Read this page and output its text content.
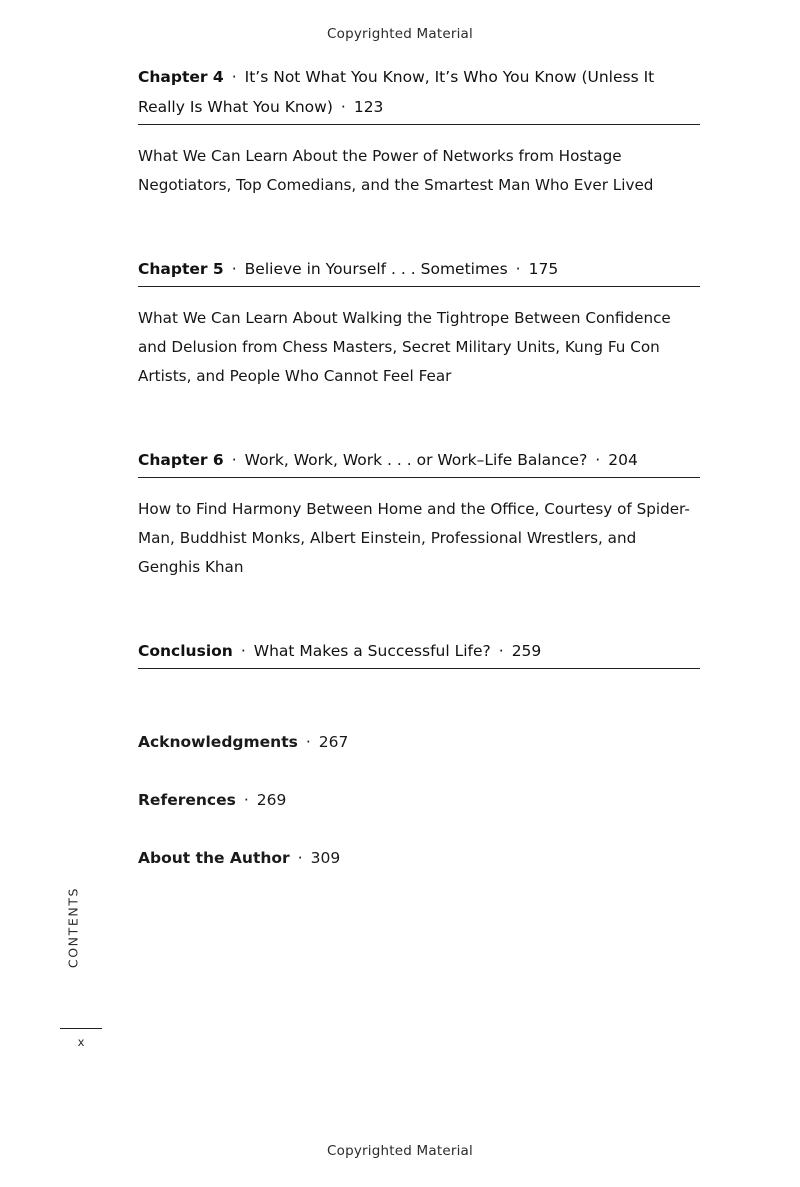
Copyrighted Material
Chapter 4 · It’s Not What You Know, It’s Who You Know (Unless It Really Is What You Know) · 123
What We Can Learn About the Power of Networks from Hostage Negotiators, Top Comedians, and the Smartest Man Who Ever Lived
Chapter 5 · Believe in Yourself . . . Sometimes · 175
What We Can Learn About Walking the Tightrope Between Confidence and Delusion from Chess Masters, Secret Military Units, Kung Fu Con Artists, and People Who Cannot Feel Fear
Chapter 6 · Work, Work, Work . . . or Work–Life Balance? · 204
How to Find Harmony Between Home and the Office, Courtesy of Spider-Man, Buddhist Monks, Albert Einstein, Professional Wrestlers, and Genghis Khan
Conclusion · What Makes a Successful Life? · 259
Acknowledgments · 267
References · 269
About the Author · 309
CONTENTS
x
Copyrighted Material
